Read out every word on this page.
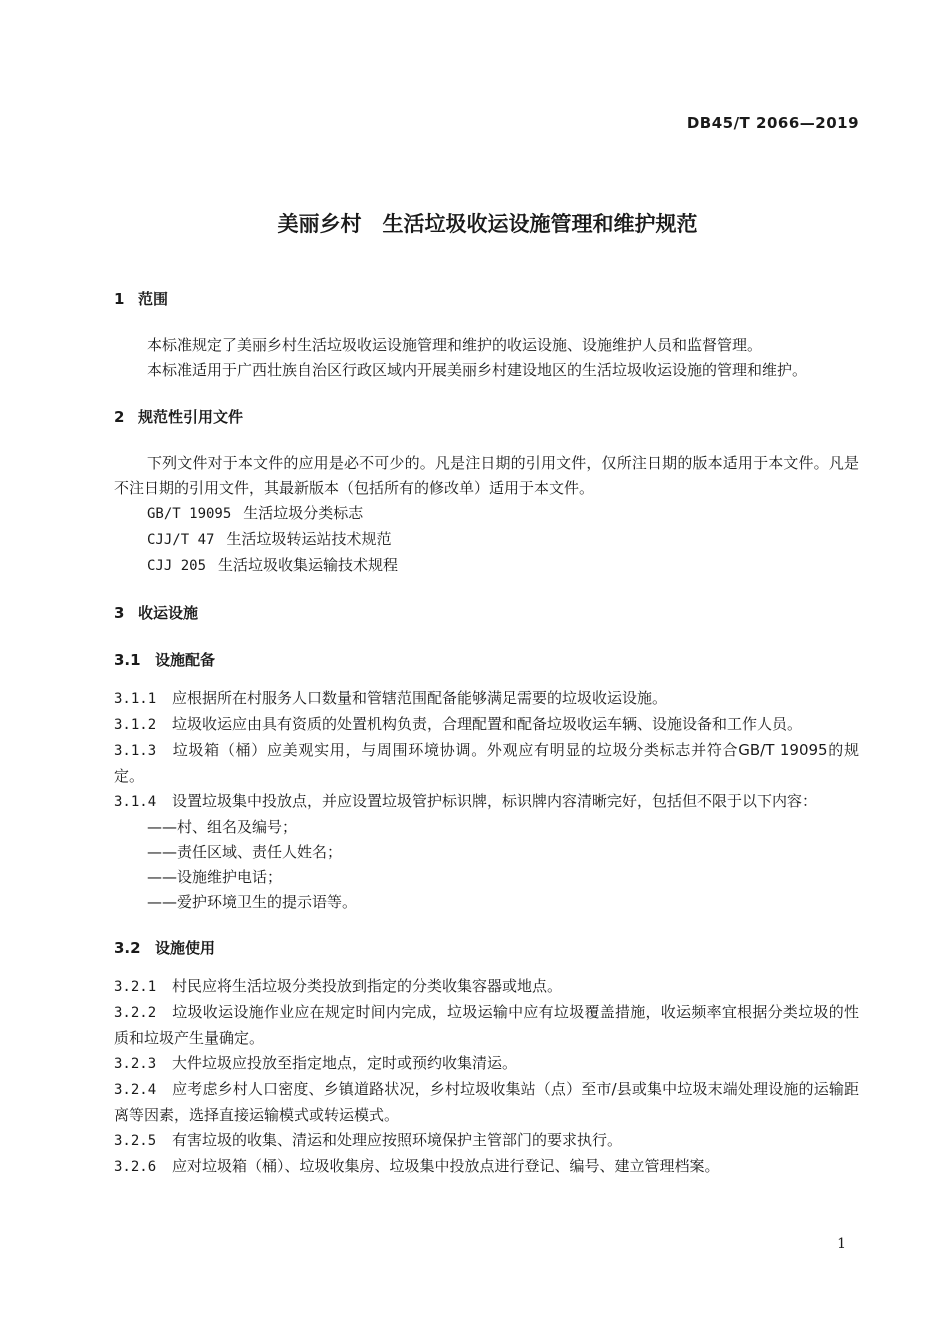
DB45/T 2066—2019
美丽乡村　生活垃圾收运设施管理和维护规范
1 范围

本标准规定了美丽乡村生活垃圾收运设施管理和维护的收运设施、设施维护人员和监督管理。

本标准适用于广西壮族自治区行政区域内开展美丽乡村建设地区的生活垃圾收运设施的管理和维护。

2 规范性引用文件

下列文件对于本文件的应用是必不可少的。凡是注日期的引用文件，仅所注日期的版本适用于本文件。凡是不注日期的引用文件，其最新版本（包括所有的修改单）适用于本文件。

GB/T 19095 生活垃圾分类标志

CJJ/T 47 生活垃圾转运站技术规范

CJJ 205 生活垃圾收集运输技术规程

3 收运设施
3.1 设施配备

3.1.1 应根据所在村服务人口数量和管辖范围配备能够满足需要的垃圾收运设施。

3.1.2 垃圾收运应由具有资质的处置机构负责，合理配置和配备垃圾收运车辆、设施设备和工作人员。

3.1.3 垃圾箱（桶）应美观实用，与周围环境协调。外观应有明显的垃圾分类标志并符合GB/T 19095的规定。

3.1.4 设置垃圾集中投放点，并应设置垃圾管护标识牌，标识牌内容清晰完好，包括但不限于以下内容：

——村、组名及编号；

——责任区域、责任人姓名；

——设施维护电话；

——爱护环境卫生的提示语等。

3.2 设施使用

3.2.1 村民应将生活垃圾分类投放到指定的分类收集容器或地点。

3.2.2 垃圾收运设施作业应在规定时间内完成，垃圾运输中应有垃圾覆盖措施，收运频率宜根据分类垃圾的性质和垃圾产生量确定。

3.2.3 大件垃圾应投放至指定地点，定时或预约收集清运。

3.2.4 应考虑乡村人口密度、乡镇道路状况，乡村垃圾收集站（点）至市/县或集中垃圾末端处理设施的运输距离等因素，选择直接运输模式或转运模式。

3.2.5 有害垃圾的收集、清运和处理应按照环境保护主管部门的要求执行。

3.2.6 应对垃圾箱（桶）、垃圾收集房、垃圾集中投放点进行登记、编号、建立管理档案。

1
